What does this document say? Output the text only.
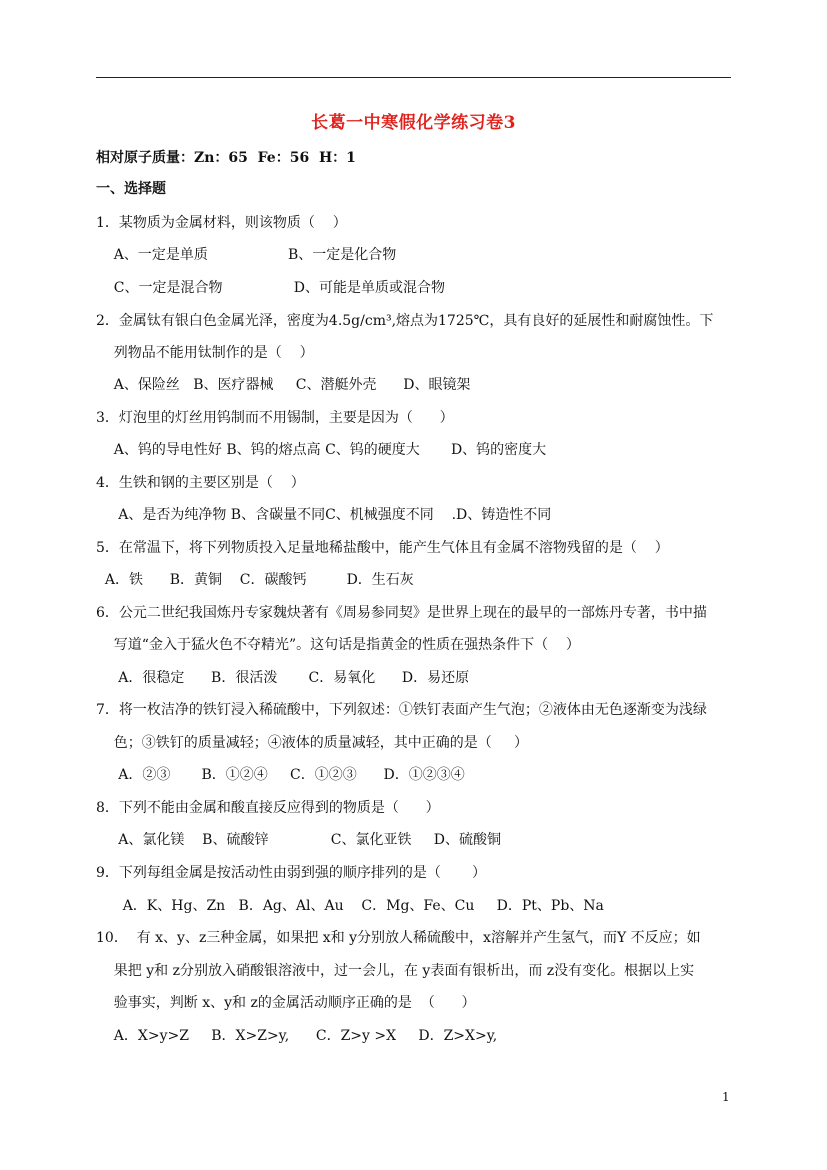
长葛一中寒假化学练习卷3
相对原子质量：Zn：65  Fe：56  H：1
一、选择题
1．某物质为金属材料，则该物质（    ）
A、一定是单质                  B、一定是化合物
C、一定是混合物                D、可能是单质或混合物
2．金属钛有银白色金属光泽，密度为4.5g/cm³,熔点为1725℃，具有良好的延展性和耐腐蚀性。下
列物品不能用钛制作的是（    ）
A、保险丝   B、医疗器械     C、潜艇外壳      D、眼镜架
3．灯泡里的灯丝用钨制而不用锡制，主要是因为（      ）
A、钨的导电性好 B、钨的熔点高 C、钨的硬度大       D、钨的密度大
4．生铁和钢的主要区别是（    ）
A、是否为纯净物 B、含碳量不同C、机械强度不同    .D、铸造性不同
5．在常温下，将下列物质投入足量地稀盐酸中，能产生气体且有金属不溶物残留的是（    ）
A．铁      B．黄铜    C．碳酸钙         D．生石灰
6．公元二世纪我国炼丹专家魏炔著有《周易参同契》是世界上现在的最早的一部炼丹专著，书中描
写道“金入于猛火色不夺精光”。这句话是指黄金的性质在强热条件下（    ）
A．很稳定      B．很活泼       C．易氧化      D．易还原
7．将一枚洁净的铁钉浸入稀硫酸中，下列叙述：①铁钉表面产生气泡；②液体由无色逐渐变为浅绿
色；③铁钉的质量减轻；④液体的质量减轻，其中正确的是（     ）
A．②③       B．①②④     C．①②③      D．①②③④
8．下列不能由金属和酸直接反应得到的物质是（      ）
A、氯化镁    B、硫酸锌              C、氯化亚铁     D、硫酸铜
9．下列每组金属是按活动性由弱到强的顺序排列的是（       ）
A．K、Hg、Zn   B．Ag、Al、Au    C．Mg、Fe、Cu     D．Pt、Pb、Na
10．  有 x、y、z三种金属，如果把 x和 y分别放人稀硫酸中，x溶解并产生氢气，而Y 不反应；如
果把 y和 z分别放入硝酸银溶液中，过一会儿，在 y表面有银析出，而 z没有变化。根据以上实
验事实，判断 x、y和 z的金属活动顺序正确的是  （      ）
A．X>y>Z     B．X>Z>y,      C．Z>y >X     D．Z>X>y,
1
